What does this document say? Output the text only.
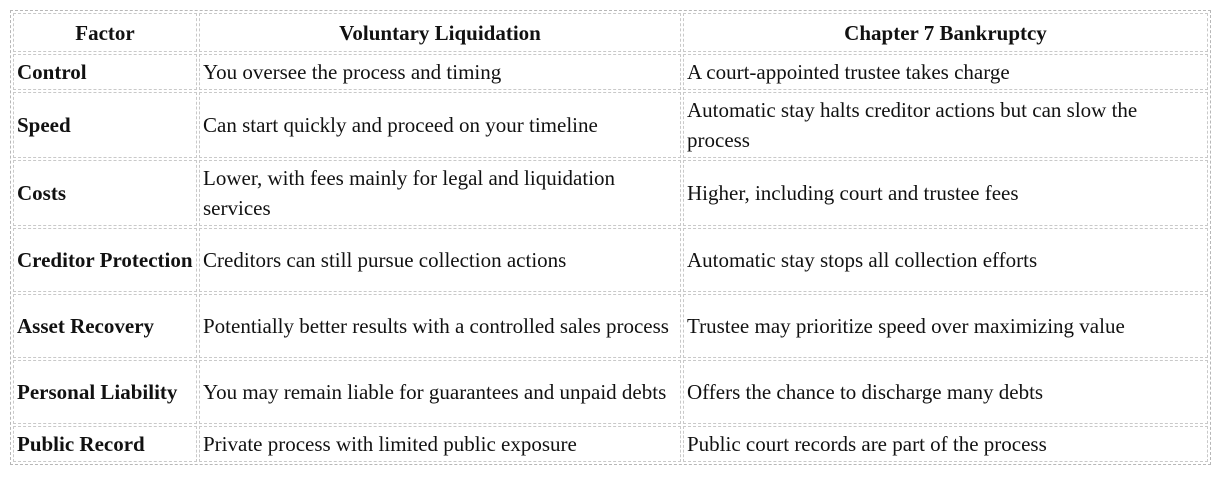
Factor	Voluntary Liquidation	Chapter 7 Bankruptcy
Control	You oversee the process and timing	A court-appointed trustee takes charge
Speed	Can start quickly and proceed on your timeline	Automatic stay halts creditor actions but can slow the process
Costs	Lower, with fees mainly for legal and liquidation services	Higher, including court and trustee fees
Creditor Protection	Creditors can still pursue collection actions	Automatic stay stops all collection efforts
Asset Recovery	Potentially better results with a controlled sales process	Trustee may prioritize speed over maximizing value
Personal Liability	You may remain liable for guarantees and unpaid debts	Offers the chance to discharge many debts
Public Record	Private process with limited public exposure	Public court records are part of the process
